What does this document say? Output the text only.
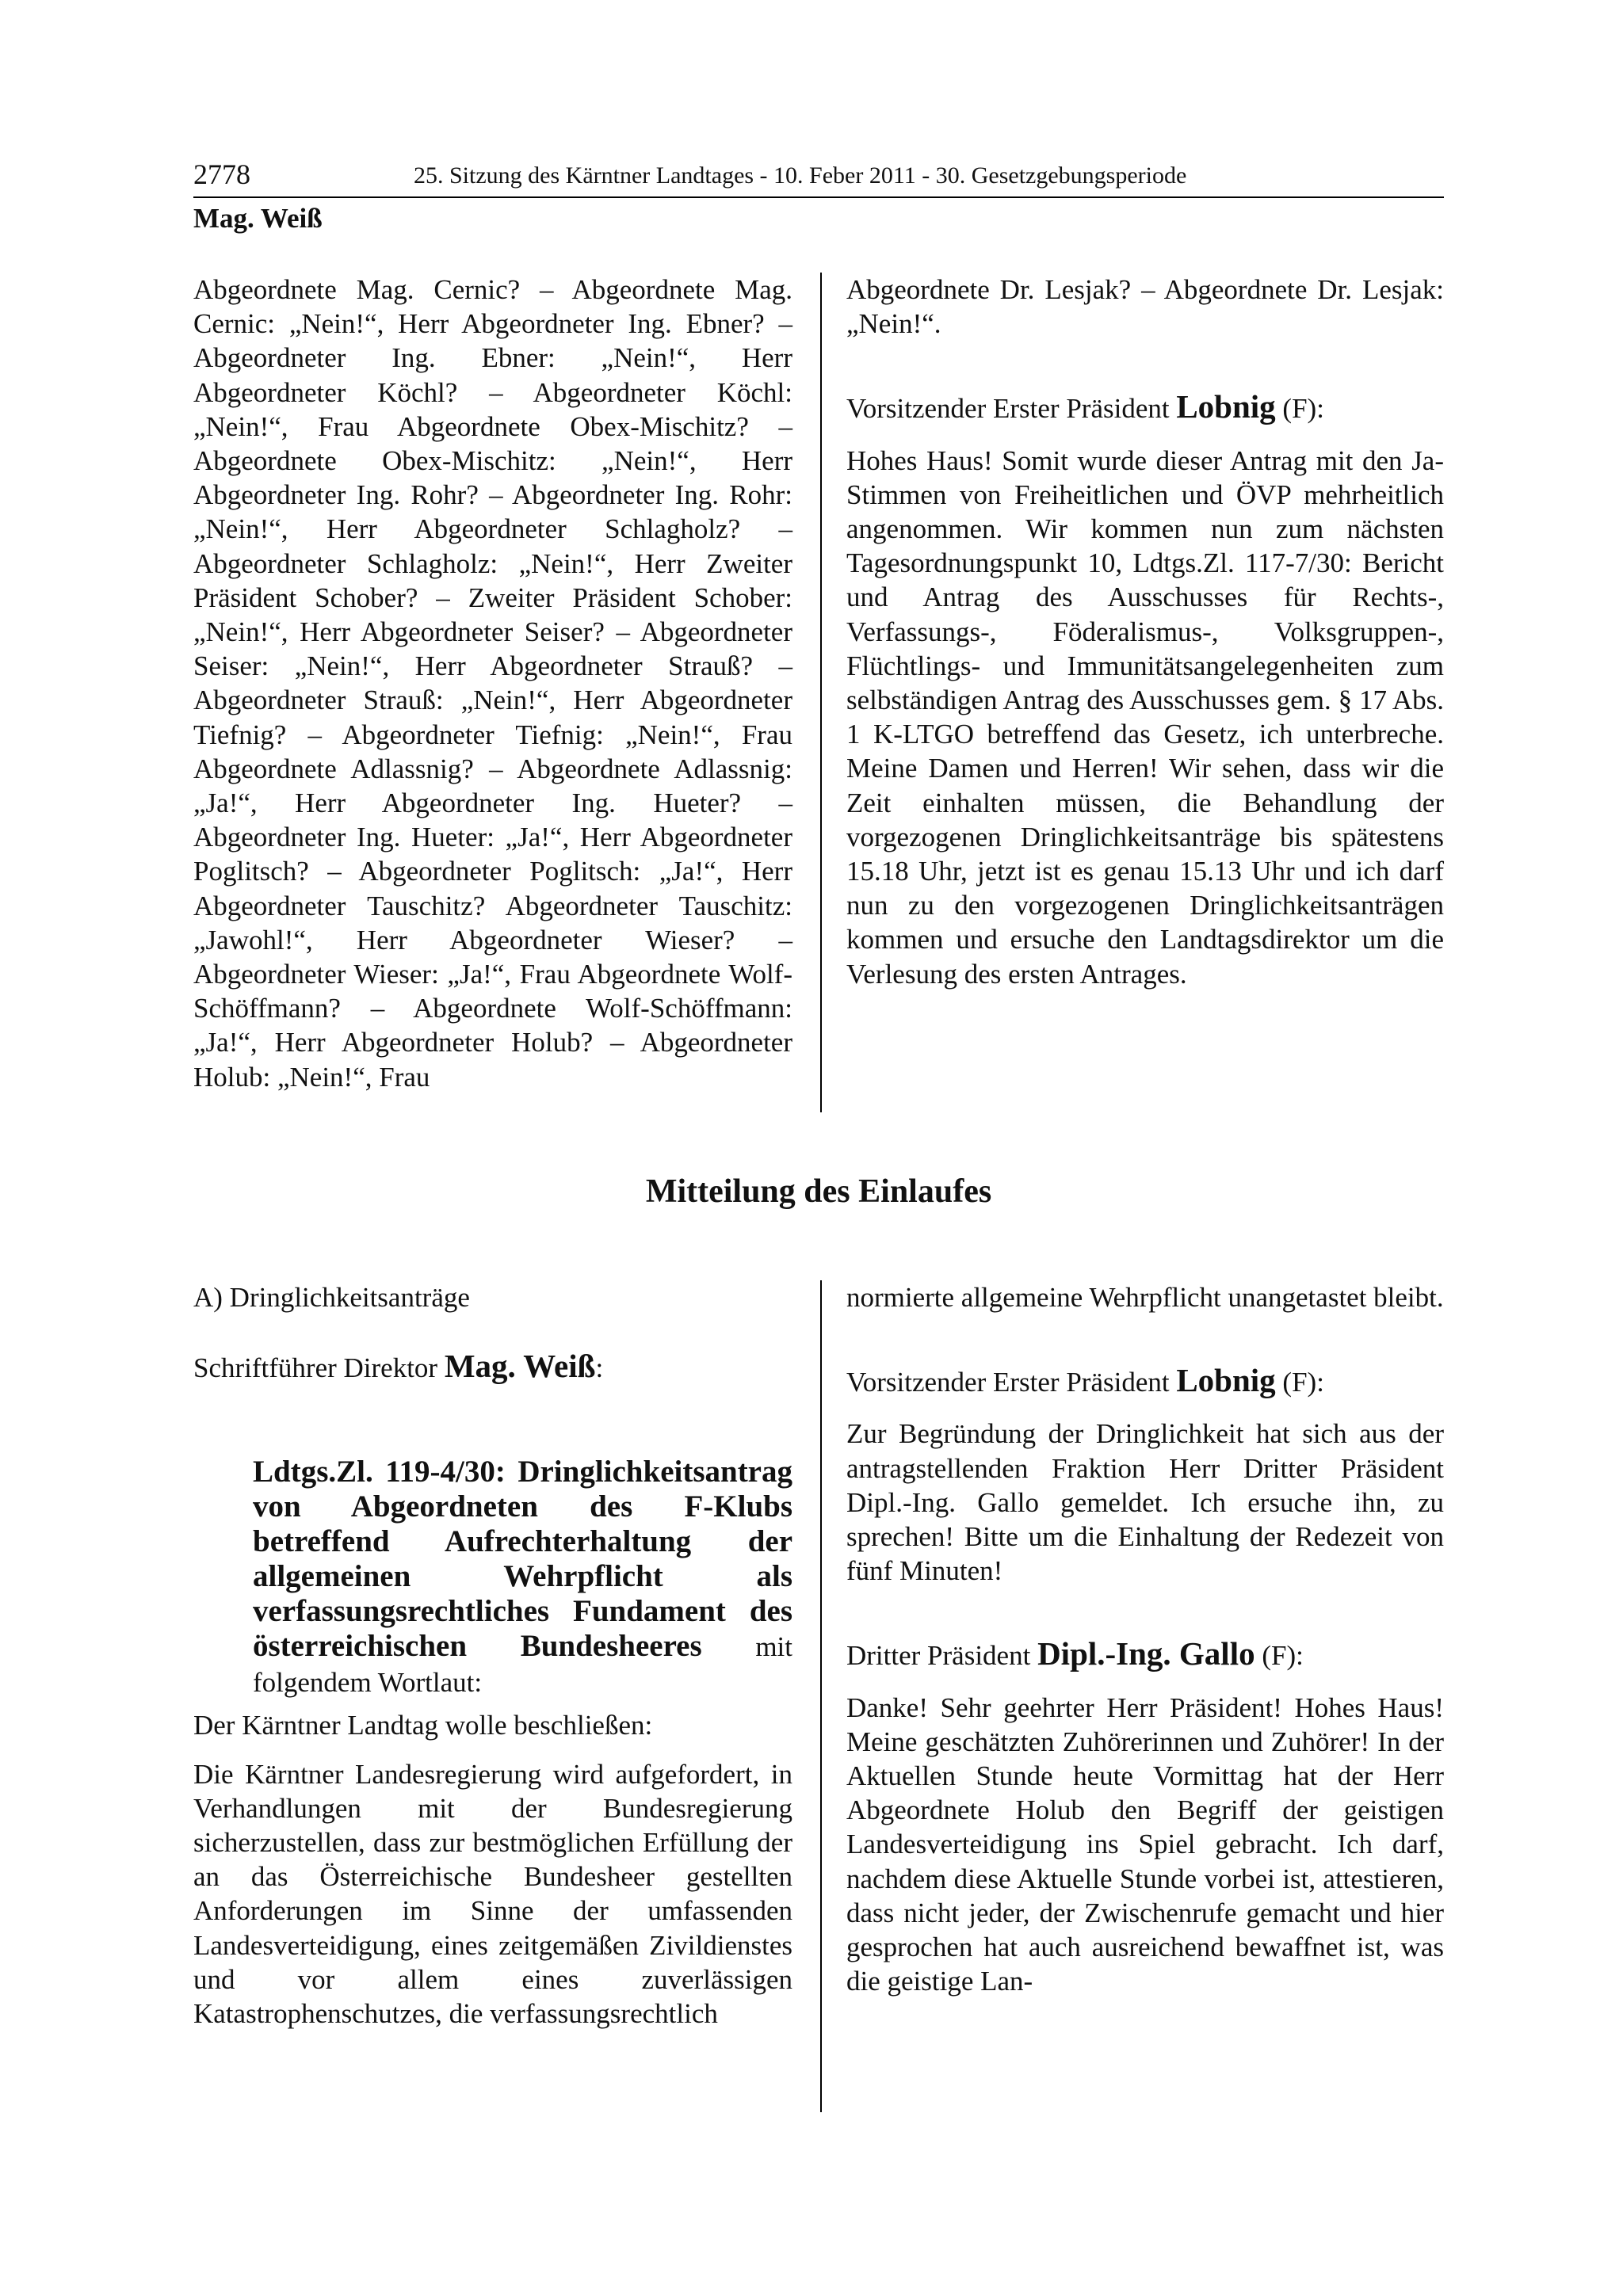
2778	25. Sitzung des Kärntner Landtages - 10. Feber 2011 - 30. Gesetzgebungsperiode
Mag. Weiß

Abgeordnete Mag. Cernic? – Abgeordnete Mag. Cernic: „Nein!“, Herr Abgeordneter Ing. Ebner? – Abgeordneter Ing. Ebner: „Nein!“, Herr Abgeordneter Köchl? – Abgeordneter Köchl: „Nein!“, Frau Abgeordnete Obex-Mischitz? – Abgeordnete Obex-Mischitz: „Nein!“, Herr Abgeordneter Ing. Rohr? – Abgeordneter Ing. Rohr: „Nein!“, Herr Abgeordneter Schlagholz? – Abgeordneter Schlagholz: „Nein!“, Herr Zweiter Präsident Schober? – Zweiter Präsident Schober: „Nein!“, Herr Abgeordneter Seiser? – Abgeordneter Seiser: „Nein!“, Herr Abgeordneter Strauß? – Abgeordneter Strauß: „Nein!“, Herr Abgeordneter Tiefnig? – Abgeordneter Tiefnig: „Nein!“, Frau Abgeordnete Adlassnig? – Abgeordnete Adlassnig: „Ja!“, Herr Abgeordneter Ing. Hueter? – Abgeordneter Ing. Hueter: „Ja!“, Herr Abgeordneter Poglitsch? – Abgeordneter Poglitsch: „Ja!“, Herr Abgeordneter Tauschitz? Abgeordneter Tauschitz: „Jawohl!“, Herr Abgeordneter Wieser? – Abgeordneter Wieser: „Ja!“, Frau Abgeordnete Wolf-Schöffmann? – Abgeordnete Wolf-Schöffmann: „Ja!“, Herr Abgeordneter Holub? – Abgeordneter Holub: „Nein!“, Frau

Abgeordnete Dr. Lesjak? – Abgeordnete Dr. Lesjak: „Nein!“.

Vorsitzender Erster Präsident Lobnig (F):

Hohes Haus! Somit wurde dieser Antrag mit den Ja-Stimmen von Freiheitlichen und ÖVP mehrheitlich angenommen. Wir kommen nun zum nächsten Tagesordnungspunkt 10, Ldtgs.Zl. 117-7/30: Bericht und Antrag des Ausschusses für Rechts-, Verfassungs-, Föderalismus-, Volksgruppen-, Flüchtlings- und Immunitätsangelegenheiten zum selbständigen Antrag des Ausschusses gem. § 17 Abs. 1 K-LTGO betreffend das Gesetz, ich unterbreche. Meine Damen und Herren! Wir sehen, dass wir die Zeit einhalten müssen, die Behandlung der vorgezogenen Dringlichkeitsanträge bis spätestens 15.18 Uhr, jetzt ist es genau 15.13 Uhr und ich darf nun zu den vorgezogenen Dringlichkeitsanträgen kommen und ersuche den Landtagsdirektor um die Verlesung des ersten Antrages.

Mitteilung des Einlaufes

A) Dringlichkeitsanträge

Schriftführer Direktor Mag. Weiß:

Ldtgs.Zl. 119-4/30: Dringlichkeitsantrag von Abgeordneten des F-Klubs betreffend Aufrechterhaltung der allgemeinen Wehrpflicht als verfassungsrechtliches Fundament des österreichischen Bundesheeres mit folgendem Wortlaut:

Der Kärntner Landtag wolle beschließen:

Die Kärntner Landesregierung wird aufgefordert, in Verhandlungen mit der Bundesregierung sicherzustellen, dass zur bestmöglichen Erfüllung der an das Österreichische Bundesheer gestellten Anforderungen im Sinne der umfassenden Landesverteidigung, eines zeitgemäßen Zivildienstes und vor allem eines zuverlässigen Katastrophenschutzes, die verfassungsrechtlich

normierte allgemeine Wehrpflicht unangetastet bleibt.

Vorsitzender Erster Präsident Lobnig (F):

Zur Begründung der Dringlichkeit hat sich aus der antragstellenden Fraktion Herr Dritter Präsident Dipl.-Ing. Gallo gemeldet. Ich ersuche ihn, zu sprechen! Bitte um die Einhaltung der Redezeit von fünf Minuten!

Dritter Präsident Dipl.-Ing. Gallo (F):

Danke! Sehr geehrter Herr Präsident! Hohes Haus! Meine geschätzten Zuhörerinnen und Zuhörer! In der Aktuellen Stunde heute Vormittag hat der Herr Abgeordnete Holub den Begriff der geistigen Landesverteidigung ins Spiel gebracht. Ich darf, nachdem diese Aktuelle Stunde vorbei ist, attestieren, dass nicht jeder, der Zwischenrufe gemacht und hier gesprochen hat auch ausreichend bewaffnet ist, was die geistige Lan-
